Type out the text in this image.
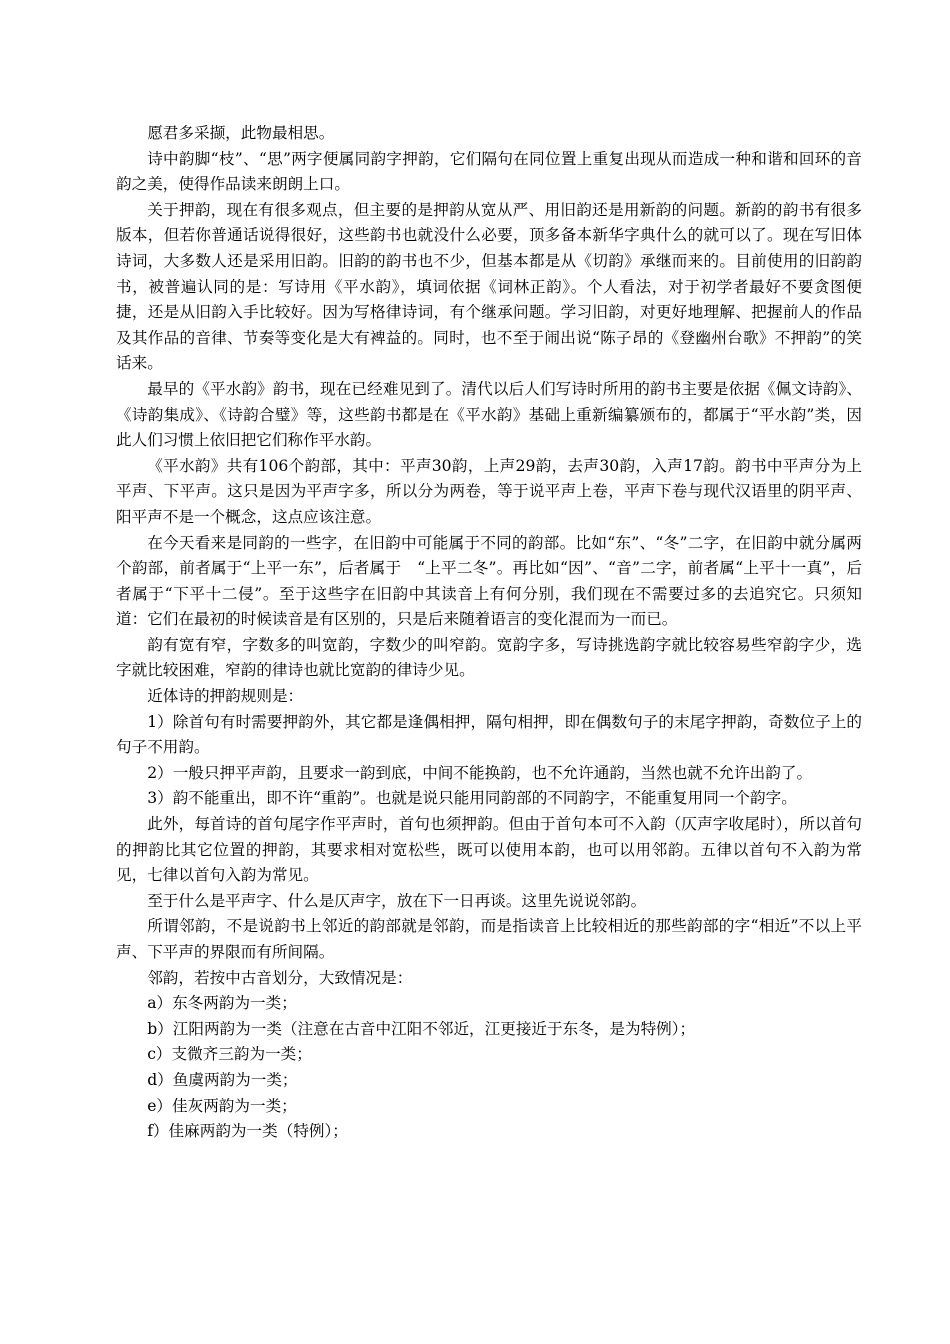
愿君多采撷，此物最相思。

诗中韵脚“枝”、“思”两字便属同韵字押韵，它们隔句在同位置上重复出现从而造成一种和谐和回环的音韵之美，使得作品读来朗朗上口。

关于押韵，现在有很多观点，但主要的是押韵从宽从严、用旧韵还是用新韵的问题。新韵的韵书有很多版本，但若你普通话说得很好，这些韵书也就没什么必要，顶多备本新华字典什么的就可以了。现在写旧体诗词，大多数人还是采用旧韵。旧韵的韵书也不少，但基本都是从《切韵》承继而来的。目前使用的旧韵韵书，被普遍认同的是：写诗用《平水韵》，填词依据《词林正韵》。个人看法，对于初学者最好不要贪图便捷，还是从旧韵入手比较好。因为写格律诗词，有个继承问题。学习旧韵，对更好地理解、把握前人的作品及其作品的音律、节奏等变化是大有裨益的。同时，也不至于闹出说“陈子昂的《登幽州台歌》不押韵”的笑话来。

最早的《平水韵》韵书，现在已经难见到了。清代以后人们写诗时所用的韵书主要是依据《佩文诗韵》、《诗韵集成》、《诗韵合璧》等，这些韵书都是在《平水韵》基础上重新编纂颁布的，都属于“平水韵”类，因此人们习惯上依旧把它们称作平水韵。

《平水韵》共有106个韵部，其中：平声30韵，上声29韵，去声30韵，入声17韵。韵书中平声分为上平声、下平声。这只是因为平声字多，所以分为两卷，等于说平声上卷，平声下卷与现代汉语里的阴平声、阳平声不是一个概念，这点应该注意。

在今天看来是同韵的一些字，在旧韵中可能属于不同的韵部。比如“东”、“冬”二字，在旧韵中就分属两个韵部，前者属于“上平一东”，后者属于　“上平二冬”。再比如“因”、“音”二字，前者属“上平十一真”，后者属于“下平十二侵”。至于这些字在旧韵中其读音上有何分别，我们现在不需要过多的去追究它。只须知道：它们在最初的时候读音是有区别的，只是后来随着语言的变化混而为一而已。

韵有宽有窄，字数多的叫宽韵，字数少的叫窄韵。宽韵字多，写诗挑选韵字就比较容易些窄韵字少，选字就比较困难，窄韵的律诗也就比宽韵的律诗少见。

近体诗的押韵规则是：

1）除首句有时需要押韵外，其它都是逢偶相押，隔句相押，即在偶数句子的末尾字押韵，奇数位子上的句子不用韵。

2）一般只押平声韵，且要求一韵到底，中间不能换韵，也不允许通韵，当然也就不允许出韵了。

3）韵不能重出，即不许“重韵”。也就是说只能用同韵部的不同韵字，不能重复用同一个韵字。

此外，每首诗的首句尾字作平声时，首句也须押韵。但由于首句本可不入韵（仄声字收尾时），所以首句的押韵比其它位置的押韵，其要求相对宽松些，既可以使用本韵，也可以用邻韵。五律以首句不入韵为常见，七律以首句入韵为常见。

至于什么是平声字、什么是仄声字，放在下一日再谈。这里先说说邻韵。

所谓邻韵，不是说韵书上邻近的韵部就是邻韵，而是指读音上比较相近的那些韵部的字“相近”不以上平声、下平声的界限而有所间隔。

邻韵，若按中古音划分，大致情况是：

a）东冬两韵为一类；

b）江阳两韵为一类（注意在古音中江阳不邻近，江更接近于东冬，是为特例）；

c）支微齐三韵为一类；

d）鱼虞两韵为一类；

e）佳灰两韵为一类；

f）佳麻两韵为一类（特例）；
